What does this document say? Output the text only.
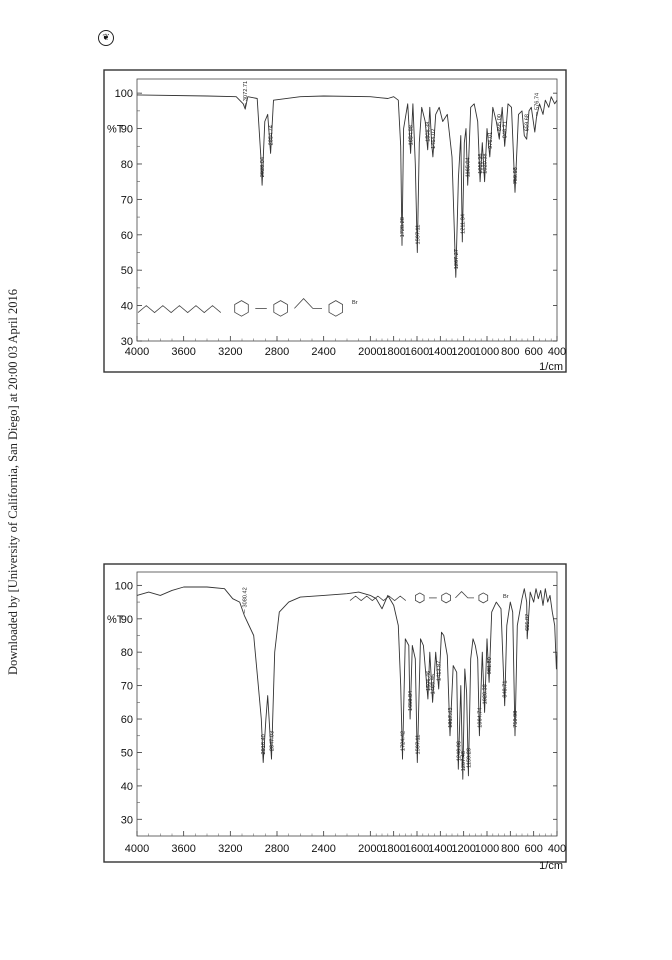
Downloaded by [University of California, San Diego] at 20:00 03 April 2016
❦
30
40
50
60
70
80
90
100
%T
4000 3600 3200 2800 2400 2000
1800
1600
1400
1200
1000 800 600 400
1/cm
Br
3072.71
2928.04
2854.74
1728.28
1654.98
1597.11
1508.38 1464.02
1267.27
1211.34
1165.04 1058.96
1020.38
976.01
895.00 848.71
759.98
659.68
576.74
30
40
50
60
70
80
90
100
%T
4000 3600 3200 2800 2400 2000
1800
1600
1400
1200
1000 800 600 400
1/cm
Br
3080.42
2918.40 2847.03	1724.42
1658.84
1597.11
1506.46
1465.95
1413.87
1317.43
1246.06
1207.48 1159.28
1064.74
1020.38
981.80
848.71
759.98
655.82
